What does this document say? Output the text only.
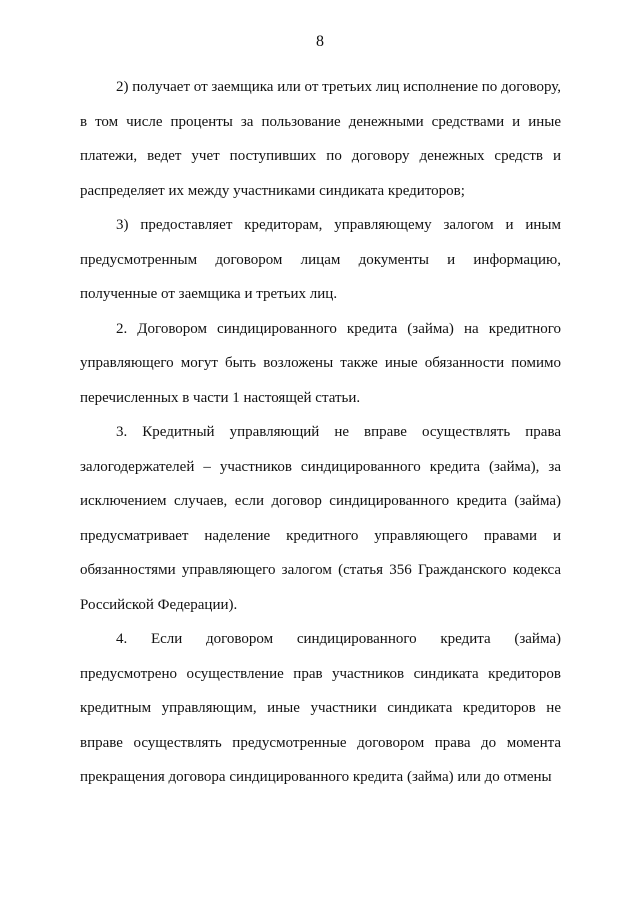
8

2) получает от заемщика или от третьих лиц исполнение по договору, в том числе проценты за пользование денежными средствами и иные платежи, ведет учет поступивших по договору денежных средств и распределяет их между участниками синдиката кредиторов;

3) предоставляет кредиторам, управляющему залогом и иным предусмотренным договором лицам документы и информацию, полученные от заемщика и третьих лиц.

2. Договором синдицированного кредита (займа) на кредитного управляющего могут быть возложены также иные обязанности помимо перечисленных в части 1 настоящей статьи.

3. Кредитный управляющий не вправе осуществлять права залогодержателей – участников синдицированного кредита (займа), за исключением случаев, если договор синдицированного кредита (займа) предусматривает наделение кредитного управляющего правами и обязанностями управляющего залогом (статья 356 Гражданского кодекса Российской Федерации).

4. Если договором синдицированного кредита (займа) предусмотрено осуществление прав участников синдиката кредиторов кредитным управляющим, иные участники синдиката кредиторов не вправе осуществлять предусмотренные договором права до момента прекращения договора синдицированного кредита (займа) или до отмены
